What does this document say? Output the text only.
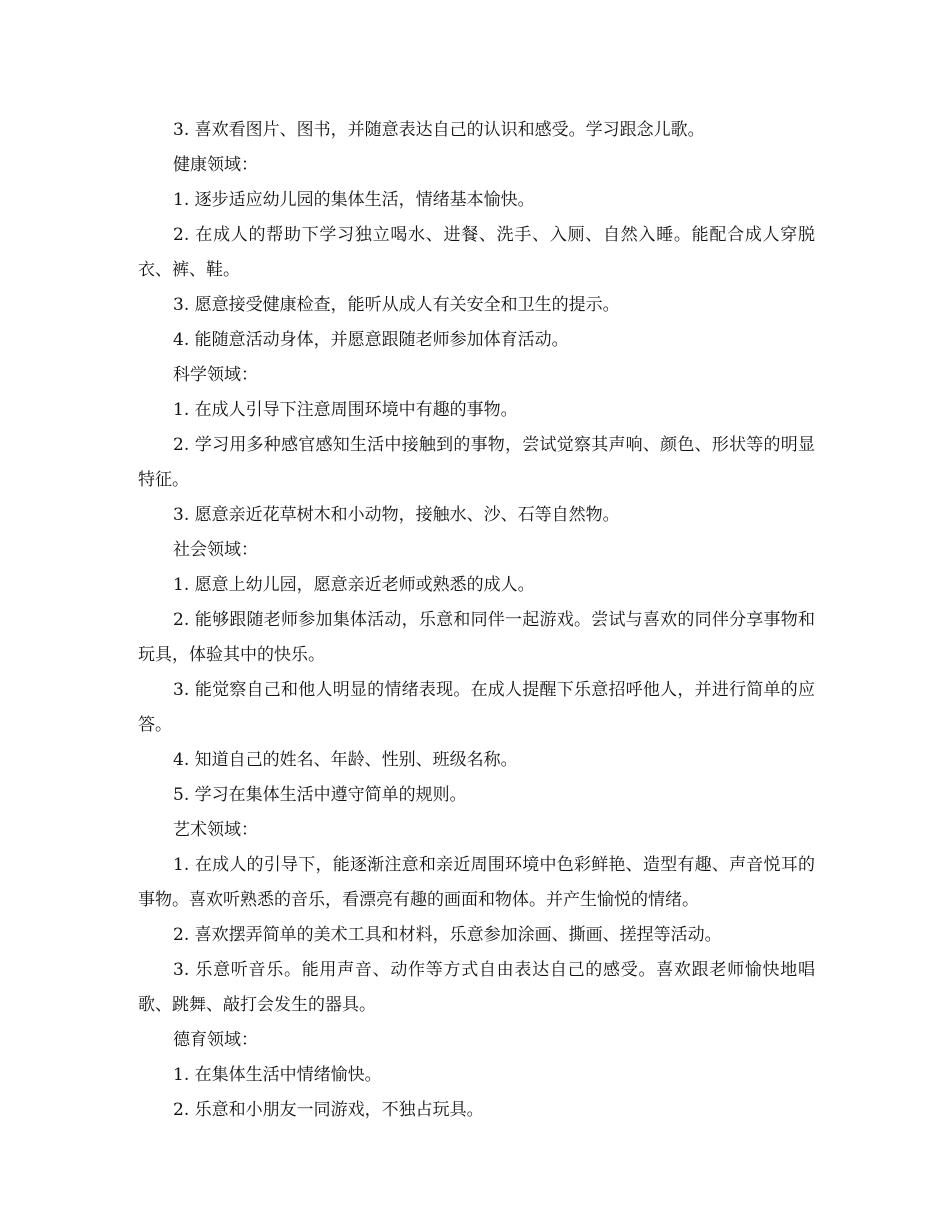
3. 喜欢看图片、图书，并随意表达自己的认识和感受。学习跟念儿歌。

健康领域：

1. 逐步适应幼儿园的集体生活，情绪基本愉快。

2. 在成人的帮助下学习独立喝水、进餐、洗手、入厕、自然入睡。能配合成人穿脱衣、裤、鞋。

3. 愿意接受健康检查，能听从成人有关安全和卫生的提示。

4. 能随意活动身体，并愿意跟随老师参加体育活动。

科学领域：

1. 在成人引导下注意周围环境中有趣的事物。

2. 学习用多种感官感知生活中接触到的事物，尝试觉察其声响、颜色、形状等的明显特征。

3. 愿意亲近花草树木和小动物，接触水、沙、石等自然物。

社会领域：

1. 愿意上幼儿园，愿意亲近老师或熟悉的成人。

2. 能够跟随老师参加集体活动，乐意和同伴一起游戏。尝试与喜欢的同伴分享事物和玩具，体验其中的快乐。

3. 能觉察自己和他人明显的情绪表现。在成人提醒下乐意招呼他人，并进行简单的应答。

4. 知道自己的姓名、年龄、性别、班级名称。

5. 学习在集体生活中遵守简单的规则。

艺术领域：

1. 在成人的引导下，能逐渐注意和亲近周围环境中色彩鲜艳、造型有趣、声音悦耳的事物。喜欢听熟悉的音乐，看漂亮有趣的画面和物体。并产生愉悦的情绪。

2. 喜欢摆弄简单的美术工具和材料，乐意参加涂画、撕画、搓捏等活动。

3. 乐意听音乐。能用声音、动作等方式自由表达自己的感受。喜欢跟老师愉快地唱歌、跳舞、敲打会发生的器具。

德育领域：

1. 在集体生活中情绪愉快。

2. 乐意和小朋友一同游戏，不独占玩具。
